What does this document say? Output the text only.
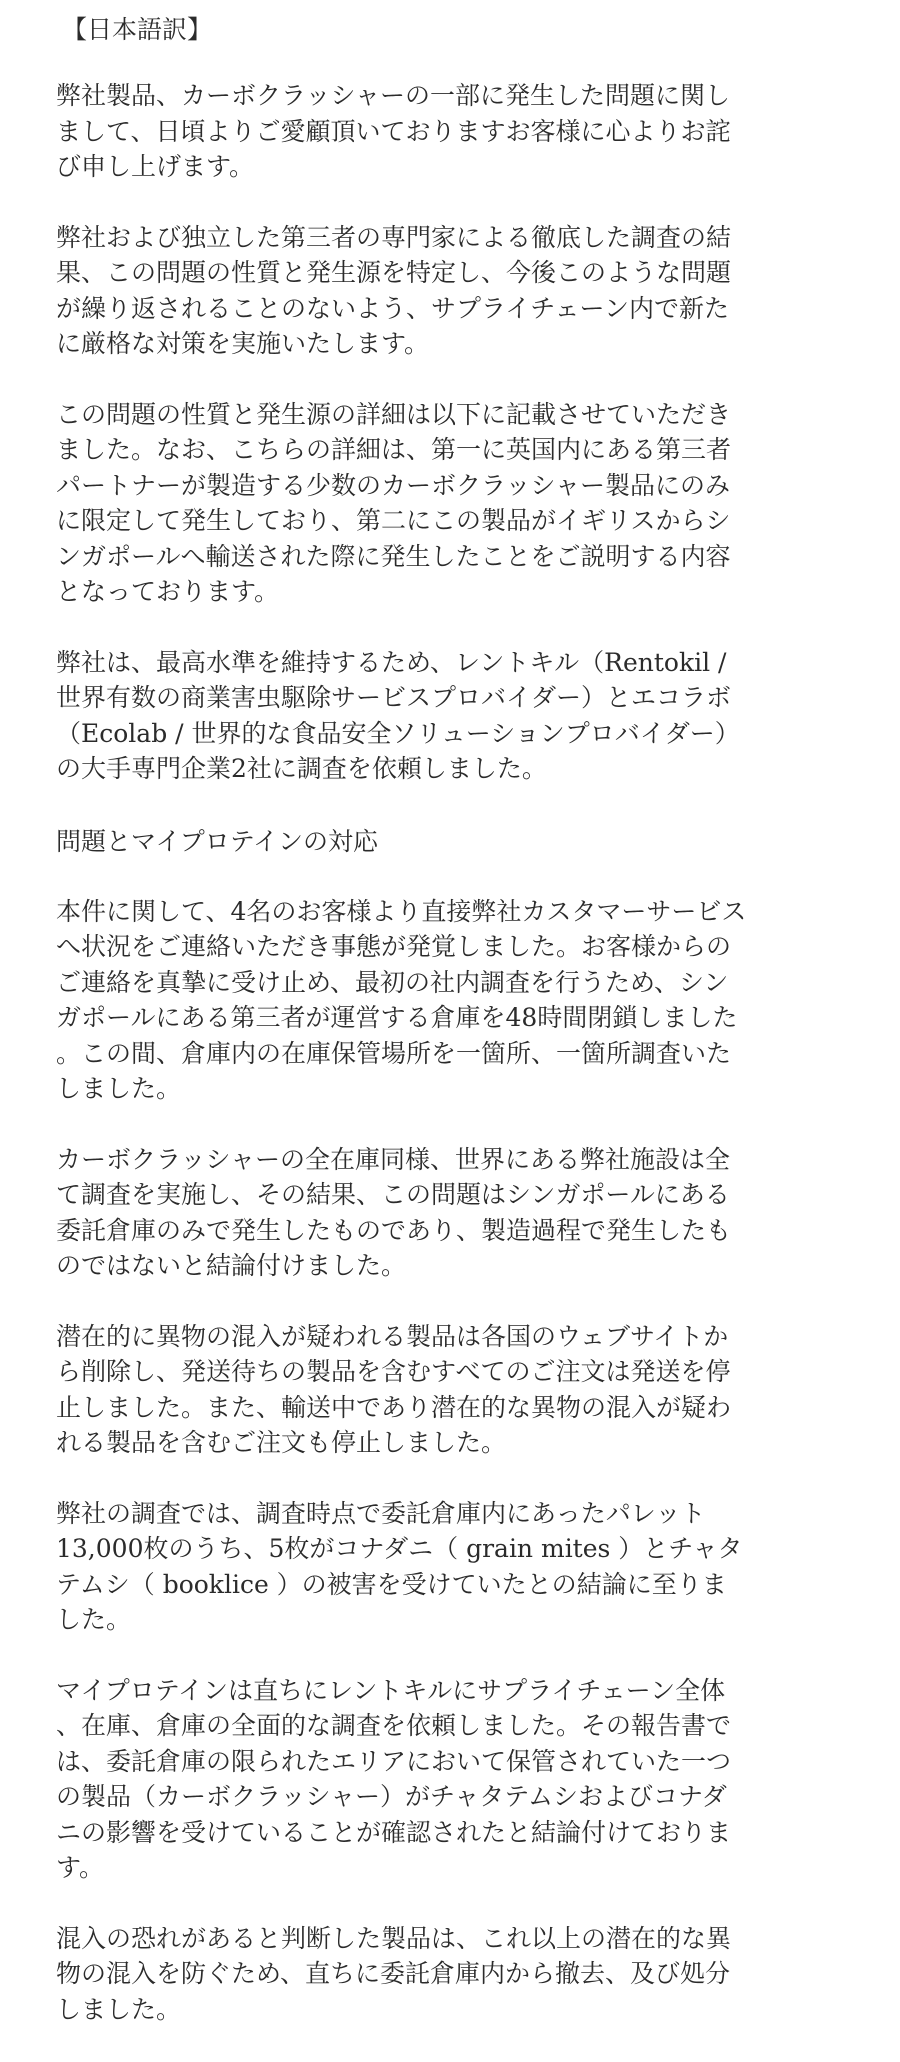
【日本語訳】
弊社製品、カーボクラッシャーの一部に発生した問題に関し
まして、日頃よりご愛顧頂いておりますお客様に心よりお詫
び申し上げます。
弊社および独立した第三者の専門家による徹底した調査の結
果、この問題の性質と発生源を特定し、今後このような問題
が繰り返されることのないよう、サプライチェーン内で新た
に厳格な対策を実施いたします。
この問題の性質と発生源の詳細は以下に記載させていただき
ました。なお、こちらの詳細は、第一に英国内にある第三者
パートナーが製造する少数のカーボクラッシャー製品にのみ
に限定して発生しており、第二にこの製品がイギリスからシ
ンガポールへ輸送された際に発生したことをご説明する内容
となっております。
弊社は、最高水準を維持するため、レントキル（Rentokil /
世界有数の商業害虫駆除サービスプロバイダー）とエコラボ
（Ecolab / 世界的な食品安全ソリューションプロバイダー）
の大手専門企業2社に調査を依頼しました。
問題とマイプロテインの対応
本件に関して、4名のお客様より直接弊社カスタマーサービス
へ状況をご連絡いただき事態が発覚しました。お客様からの
ご連絡を真摯に受け止め、最初の社内調査を行うため、シン
ガポールにある第三者が運営する倉庫を48時間閉鎖しました
。この間、倉庫内の在庫保管場所を一箇所、一箇所調査いた
しました。
カーボクラッシャーの全在庫同様、世界にある弊社施設は全
て調査を実施し、その結果、この問題はシンガポールにある
委託倉庫のみで発生したものであり、製造過程で発生したも
のではないと結論付けました。
潜在的に異物の混入が疑われる製品は各国のウェブサイトか
ら削除し、発送待ちの製品を含むすべてのご注文は発送を停
止しました。また、輸送中であり潜在的な異物の混入が疑わ
れる製品を含むご注文も停止しました。
弊社の調査では、調査時点で委託倉庫内にあったパレット
13,000枚のうち、5枚がコナダニ（ grain mites ）とチャタ
テムシ（ booklice ）の被害を受けていたとの結論に至りま
した。
マイプロテインは直ちにレントキルにサプライチェーン全体
、在庫、倉庫の全面的な調査を依頼しました。その報告書で
は、委託倉庫の限られたエリアにおいて保管されていた一つ
の製品（カーボクラッシャー）がチャタテムシおよびコナダ
ニの影響を受けていることが確認されたと結論付けておりま
す。
混入の恐れがあると判断した製品は、これ以上の潜在的な異
物の混入を防ぐため、直ちに委託倉庫内から撤去、及び処分
しました。
